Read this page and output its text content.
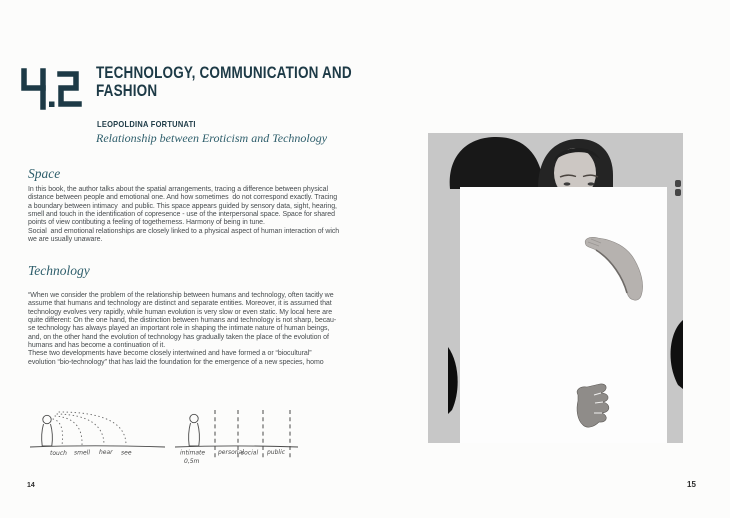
TECHNOLOGY, COMMUNICATION AND
FASHION
LEOPOLDINA FORTUNATI
Relationship between Eroticism and Technology
Space
In this book, the author talks about the spatial arrangements, tracing a difference between physical
distance between people and emotional one. And how sometimes  do not correspond exactly. Tracing
a boundary between intimacy  and public. This space appears guided by sensory data, sight, hearing,
smell and touch in the identification of copresence - use of the interpersonal space. Space for shared
points of view contibuting a feeling of togetherness. Harmony of being in tune.
Social  and emotional relationships are closely linked to a physical aspect of human interaction of wich
we are usually unaware.
Technology
“When we consider the problem of the relationship between humans and technology, often tacitly we
assume that humans and technology are distinct and separate entities. Moreover, it is assumed that
technology evolves very rapidly, while human evolution is very slow or even static. My local here are
quite different: On the one hand, the distinction between humans and technology is not sharp, becau-
se technology has always played an important role in shaping the intimate nature of human beings,
and, on the other hand the evolution of technology has gradually taken the place of the evolution of
humans and has become a continuation of it.
These two developments have become closely intertwined and have formed a or “biocultural”
evolution “bio-technology” that has laid the foundation for the emergence of a new species, homo
touch smell hear see	intimate
0,5m
personal
social public
14	15
